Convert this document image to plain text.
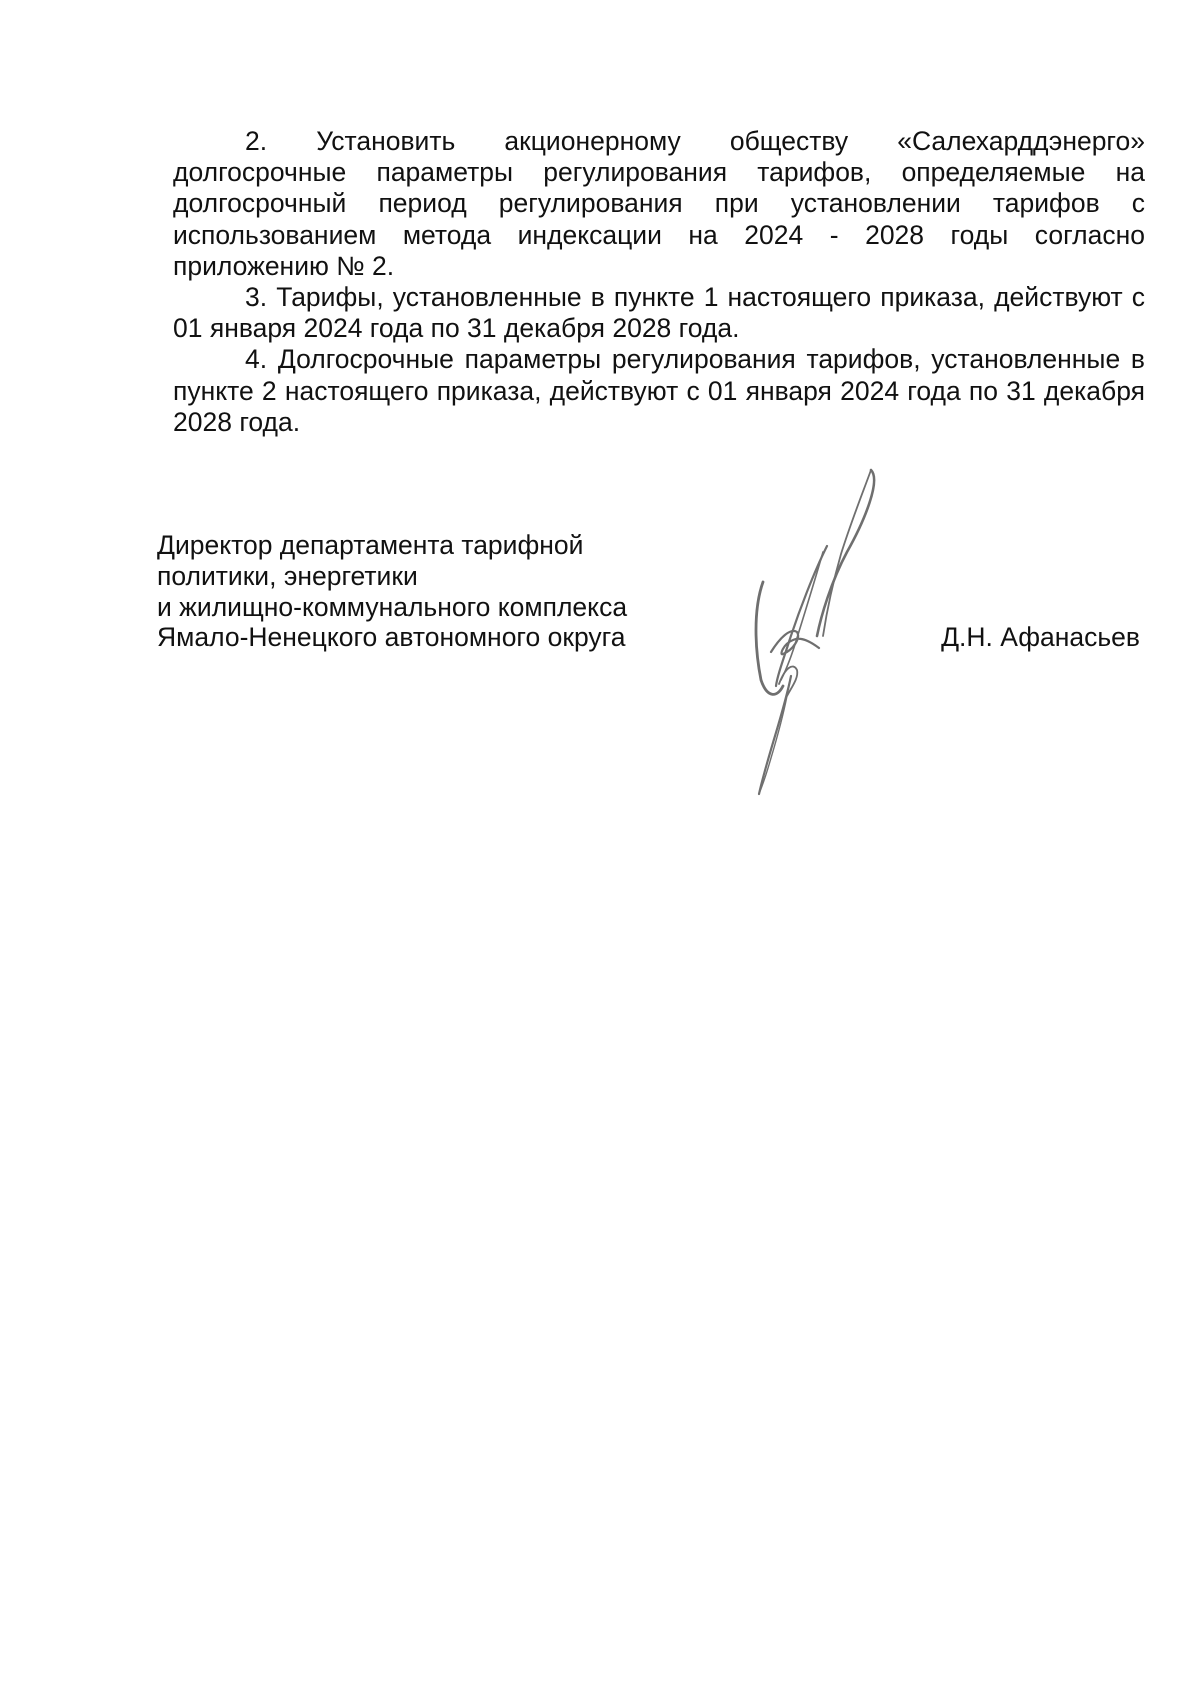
2. Установить акционерному обществу «Салехарддэнерго» долгосрочные параметры регулирования тарифов, определяемые на долгосрочный период регулирования при установлении тарифов с использованием метода индексации на 2024 - 2028 годы согласно приложению № 2.

3. Тарифы, установленные в пункте 1 настоящего приказа, действуют с 01 января 2024 года по 31 декабря 2028 года.

4. Долгосрочные параметры регулирования тарифов, установленные в пункте 2 настоящего приказа, действуют с 01 января 2024 года по 31 декабря 2028 года.

Директор департамента тарифной
политики, энергетики
и жилищно-коммунального комплекса
Ямало-Ненецкого автономного округа	Д.Н. Афанасьев
